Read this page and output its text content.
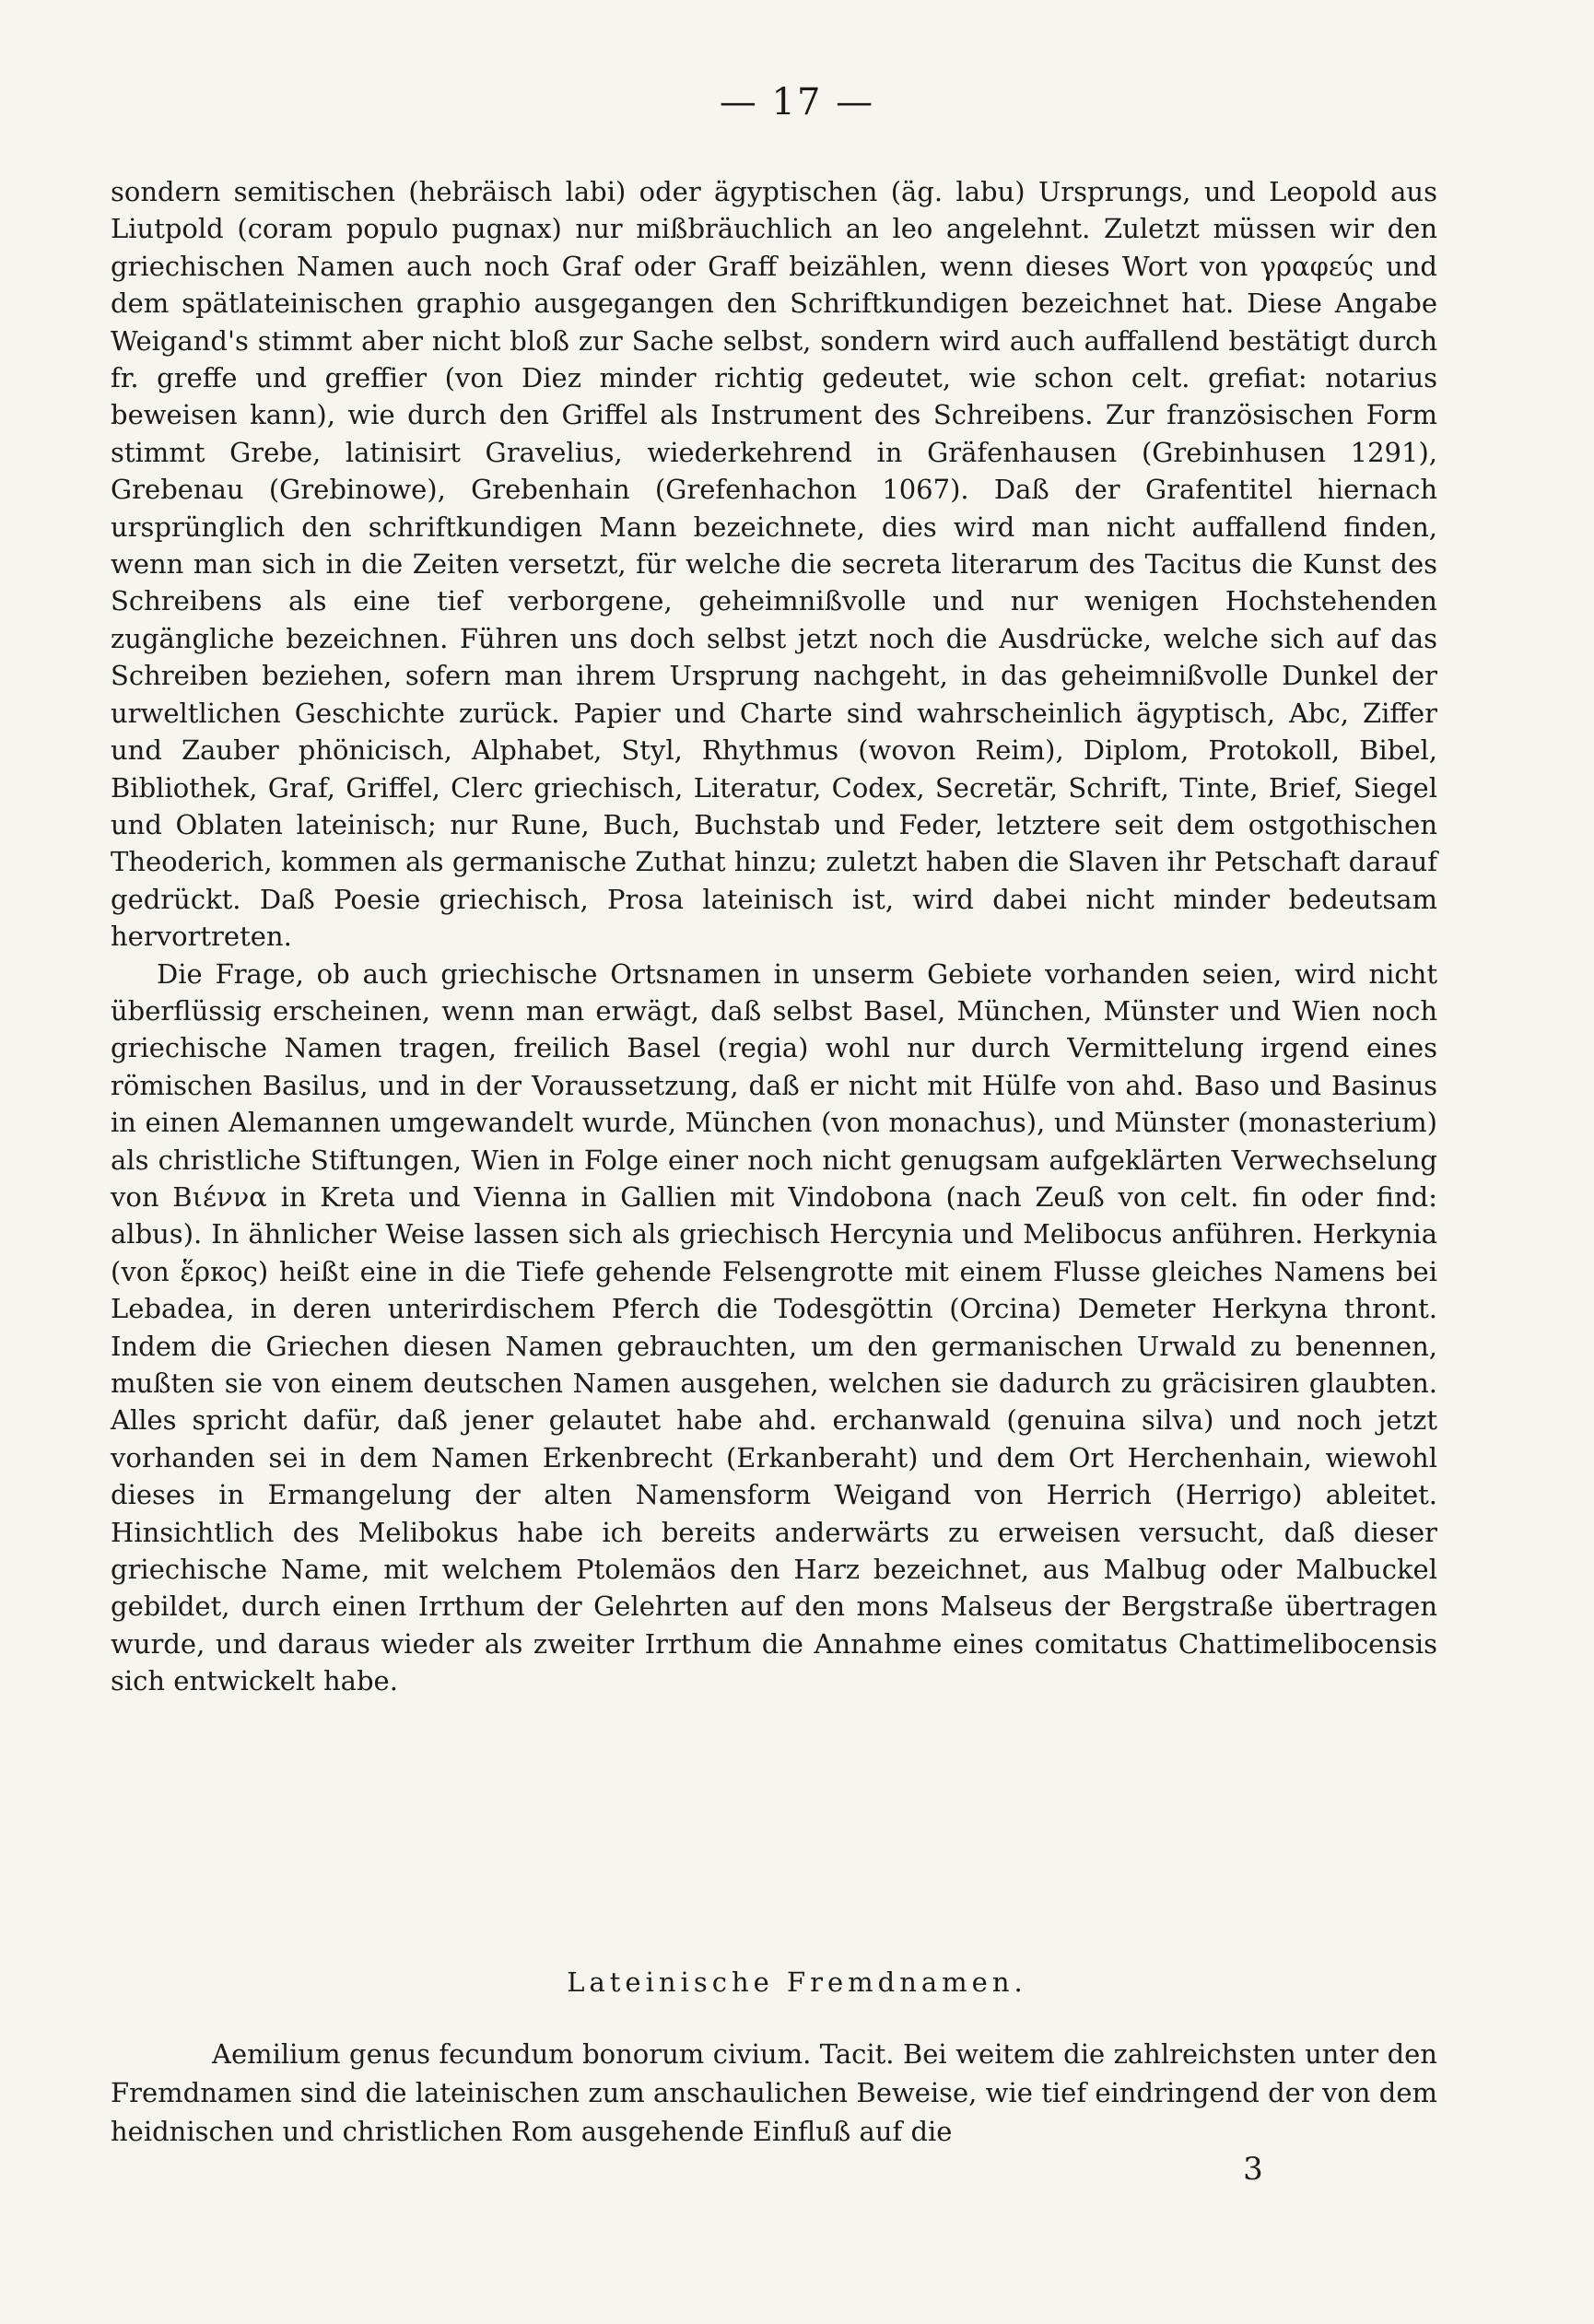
— 17 —

sondern semitischen (hebräisch labi) oder ägyptischen (äg. labu) Ursprungs, und Leopold aus Liutpold (coram populo pugnax) nur mißbräuchlich an leo angelehnt. Zuletzt müssen wir den griechischen Namen auch noch Graf oder Graff beizählen, wenn dieses Wort von γραφεύς und dem spätlateinischen graphio ausgegangen den Schriftkundigen bezeichnet hat. Diese Angabe Weigand's stimmt aber nicht bloß zur Sache selbst, sondern wird auch auffallend bestätigt durch fr. greffe und greffier (von Diez minder richtig gedeutet, wie schon celt. grefiat: notarius beweisen kann), wie durch den Griffel als Instrument des Schreibens. Zur französischen Form stimmt Grebe, latinisirt Gravelius, wiederkehrend in Gräfenhausen (Grebinhusen 1291), Grebenau (Grebinowe), Grebenhain (Grefenhachon 1067). Daß der Grafentitel hiernach ursprünglich den schriftkundigen Mann bezeichnete, dies wird man nicht auffallend finden, wenn man sich in die Zeiten versetzt, für welche die secreta literarum des Tacitus die Kunst des Schreibens als eine tief verborgene, geheimnißvolle und nur wenigen Hochstehenden zugängliche bezeichnen. Führen uns doch selbst jetzt noch die Ausdrücke, welche sich auf das Schreiben beziehen, sofern man ihrem Ursprung nachgeht, in das geheimnißvolle Dunkel der urweltlichen Geschichte zurück. Papier und Charte sind wahrscheinlich ägyptisch, Abc, Ziffer und Zauber phönicisch, Alphabet, Styl, Rhythmus (wovon Reim), Diplom, Protokoll, Bibel, Bibliothek, Graf, Griffel, Clerc griechisch, Literatur, Codex, Secretär, Schrift, Tinte, Brief, Siegel und Oblaten lateinisch; nur Rune, Buch, Buchstab und Feder, letztere seit dem ostgothischen Theoderich, kommen als germanische Zuthat hinzu; zuletzt haben die Slaven ihr Petschaft darauf gedrückt. Daß Poesie griechisch, Prosa lateinisch ist, wird dabei nicht minder bedeutsam hervortreten.

Die Frage, ob auch griechische Ortsnamen in unserm Gebiete vorhanden seien, wird nicht überflüssig erscheinen, wenn man erwägt, daß selbst Basel, München, Münster und Wien noch griechische Namen tragen, freilich Basel (regia) wohl nur durch Vermittelung irgend eines römischen Basilus, und in der Voraussetzung, daß er nicht mit Hülfe von ahd. Baso und Basinus in einen Alemannen umgewandelt wurde, München (von monachus), und Münster (monasterium) als christliche Stiftungen, Wien in Folge einer noch nicht genugsam aufgeklärten Verwechselung von Βιέννα in Kreta und Vienna in Gallien mit Vindobona (nach Zeuß von celt. fin oder find: albus). In ähnlicher Weise lassen sich als griechisch Hercynia und Melibocus anführen. Herkynia (von ἕρκος) heißt eine in die Tiefe gehende Felsengrotte mit einem Flusse gleiches Namens bei Lebadea, in deren unterirdischem Pferch die Todesgöttin (Orcina) Demeter Herkyna thront. Indem die Griechen diesen Namen gebrauchten, um den germanischen Urwald zu benennen, mußten sie von einem deutschen Namen ausgehen, welchen sie dadurch zu gräcisiren glaubten. Alles spricht dafür, daß jener gelautet habe ahd. erchanwald (genuina silva) und noch jetzt vorhanden sei in dem Namen Erkenbrecht (Erkanberaht) und dem Ort Herchenhain, wiewohl dieses in Ermangelung der alten Namensform Weigand von Herrich (Herrigo) ableitet. Hinsichtlich des Melibokus habe ich bereits anderwärts zu erweisen versucht, daß dieser griechische Name, mit welchem Ptolemäos den Harz bezeichnet, aus Malbug oder Malbuckel gebildet, durch einen Irrthum der Gelehrten auf den mons Malseus der Bergstraße übertragen wurde, und daraus wieder als zweiter Irrthum die Annahme eines comitatus Chattimelibocensis sich entwickelt habe.

Lateinische Fremdnamen.

Aemilium genus fecundum bonorum civium. Tacit. Bei weitem die zahlreichsten unter den Fremdnamen sind die lateinischen zum anschaulichen Beweise, wie tief eindringend der von dem heidnischen und christlichen Rom ausgehende Einfluß auf die

3
